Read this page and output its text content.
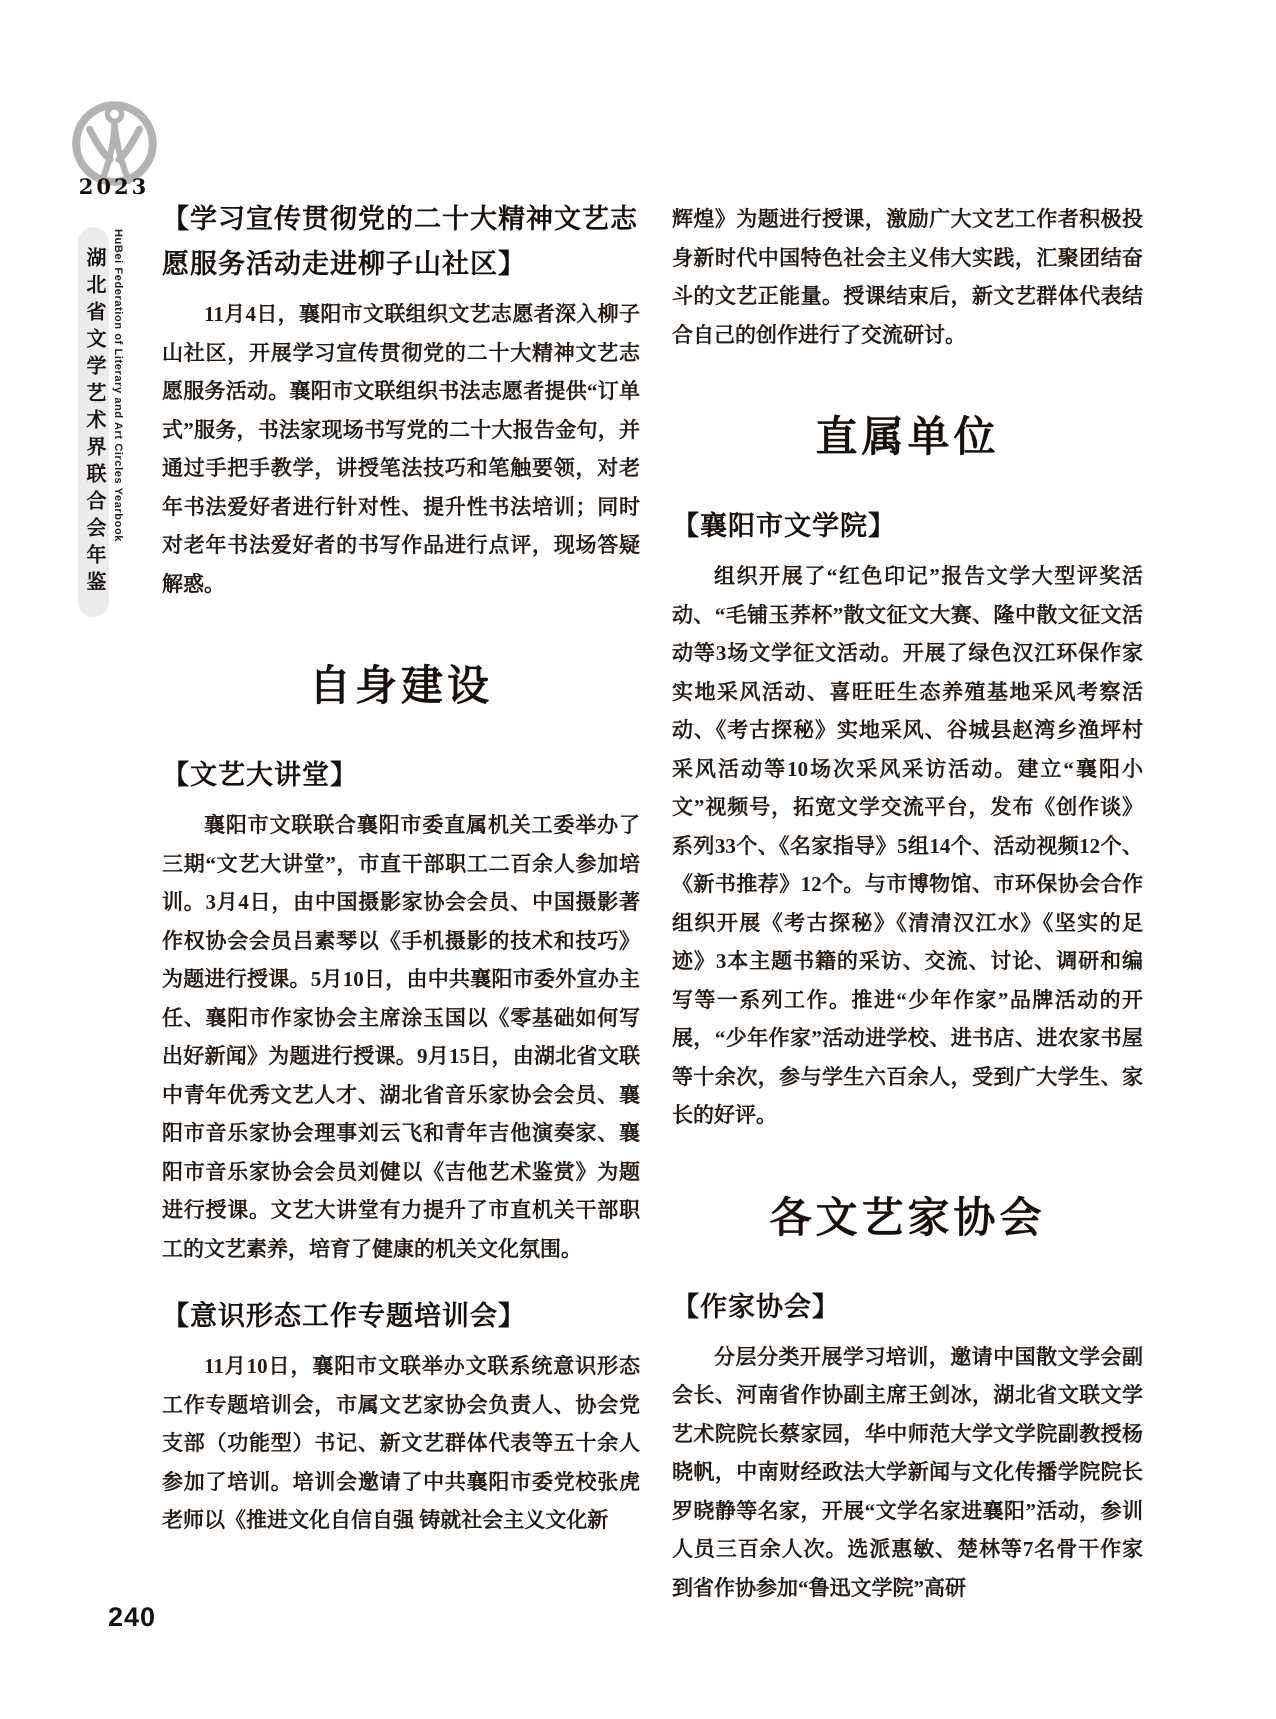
2023
湖北省文学艺术界联合会年鉴 HuBei Federation of Literary and Art Circles Yearbook
【学习宣传贯彻党的二十大精神文艺志愿服务活动走进柳子山社区】
11月4日，襄阳市文联组织文艺志愿者深入柳子山社区，开展学习宣传贯彻党的二十大精神文艺志愿服务活动。襄阳市文联组织书法志愿者提供“订单式”服务，书法家现场书写党的二十大报告金句，并通过手把手教学，讲授笔法技巧和笔触要领，对老年书法爱好者进行针对性、提升性书法培训；同时对老年书法爱好者的书写作品进行点评，现场答疑解惑。
自身建设
【文艺大讲堂】
襄阳市文联联合襄阳市委直属机关工委举办了三期“文艺大讲堂”，市直干部职工二百余人参加培训。3月4日，由中国摄影家协会会员、中国摄影著作权协会会员吕素琴以《手机摄影的技术和技巧》为题进行授课。5月10日，由中共襄阳市委外宣办主任、襄阳市作家协会主席涂玉国以《零基础如何写出好新闻》为题进行授课。9月15日，由湖北省文联中青年优秀文艺人才、湖北省音乐家协会会员、襄阳市音乐家协会理事刘云飞和青年吉他演奏家、襄阳市音乐家协会会员刘健以《吉他艺术鉴赏》为题进行授课。文艺大讲堂有力提升了市直机关干部职工的文艺素养，培育了健康的机关文化氛围。
【意识形态工作专题培训会】
11月10日，襄阳市文联举办文联系统意识形态工作专题培训会，市属文艺家协会负责人、协会党支部（功能型）书记、新文艺群体代表等五十余人参加了培训。培训会邀请了中共襄阳市委党校张虎老师以《推进文化自信自强 铸就社会主义文化新
辉煌》为题进行授课，激励广大文艺工作者积极投身新时代中国特色社会主义伟大实践，汇聚团结奋斗的文艺正能量。授课结束后，新文艺群体代表结合自己的创作进行了交流研讨。
直属单位
【襄阳市文学院】
组织开展了“红色印记”报告文学大型评奖活动、“毛铺玉荞杯”散文征文大赛、隆中散文征文活动等3场文学征文活动。开展了绿色汉江环保作家实地采风活动、喜旺旺生态养殖基地采风考察活动、《考古探秘》实地采风、谷城县赵湾乡渔坪村采风活动等10场次采风采访活动。建立“襄阳小文”视频号，拓宽文学交流平台，发布《创作谈》系列33个、《名家指导》5组14个、活动视频12个、《新书推荐》12个。与市博物馆、市环保协会合作组织开展《考古探秘》《清清汉江水》《坚实的足迹》3本主题书籍的采访、交流、讨论、调研和编写等一系列工作。推进“少年作家”品牌活动的开展，“少年作家”活动进学校、进书店、进农家书屋等十余次，参与学生六百余人，受到广大学生、家长的好评。
各文艺家协会
【作家协会】
分层分类开展学习培训，邀请中国散文学会副会长、河南省作协副主席王剑冰，湖北省文联文学艺术院院长蔡家园，华中师范大学文学院副教授杨晓帆，中南财经政法大学新闻与文化传播学院院长罗晓静等名家，开展“文学名家进襄阳”活动，参训人员三百余人次。选派惠敏、楚林等7名骨干作家到省作协参加“鲁迅文学院”高研
240
